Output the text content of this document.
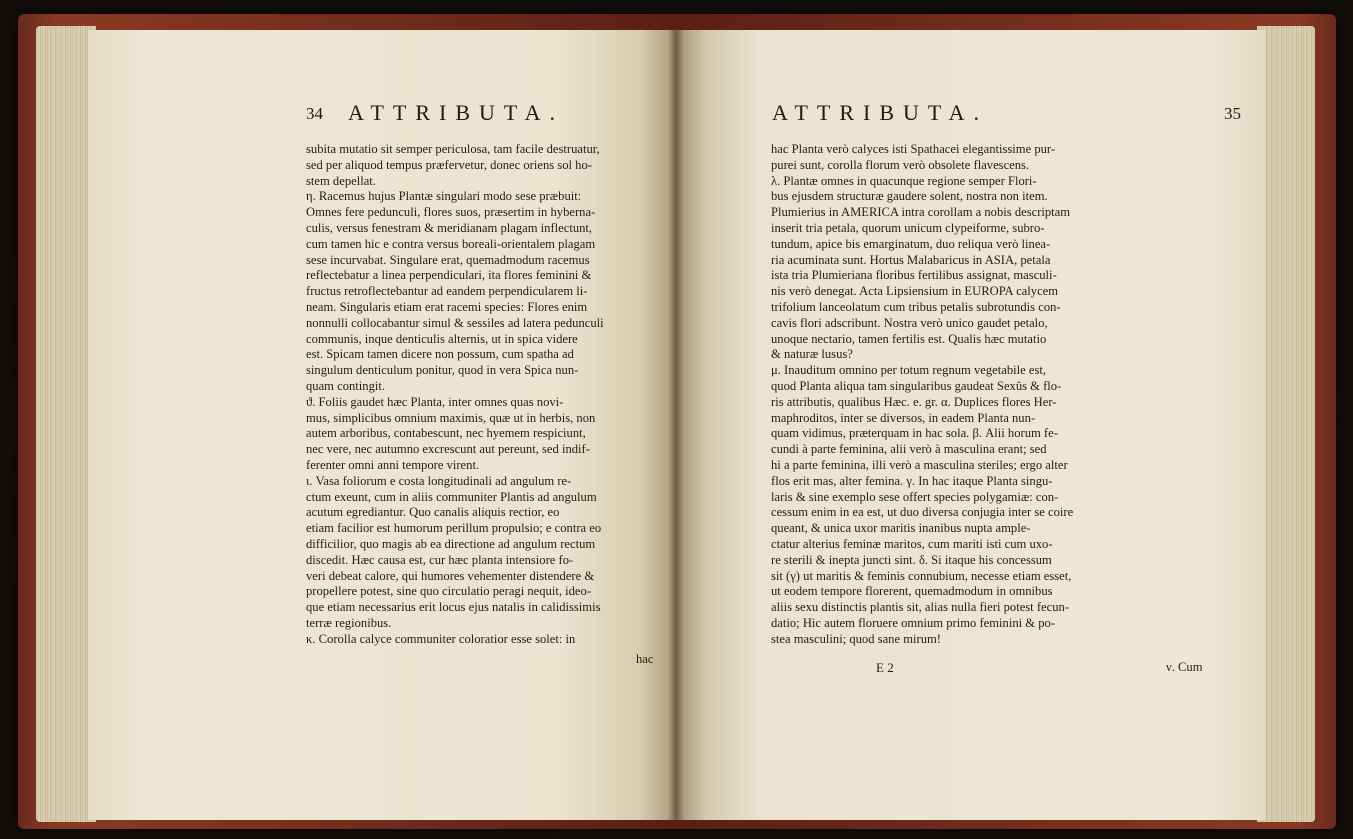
34 ATTRIBUTA.
subita mutatio sit semper periculosa, tam facile destruatur,
sed per aliquod tempus præfervetur, donec oriens sol ho-
stem depellat.
η. Racemus hujus Plantæ singulari modo sese præbuit:
Omnes fere pedunculi, flores suos, præsertim in hyberna-
culis, versus fenestram & meridianam plagam inflectunt,
cum tamen hic e contra versus boreali-orientalem plagam
sese incurvabat. Singulare erat, quemadmodum racemus
reflectebatur a linea perpendiculari, ita flores feminini &
fructus retroflectebantur ad eandem perpendicularem li-
neam. Singularis etiam erat racemi species: Flores enim
nonnulli collocabantur simul & sessiles ad latera pedunculi
communis, inque denticulis alternis, ut in spica videre
est. Spicam tamen dicere non possum, cum spatha ad
singulum denticulum ponitur, quod in vera Spica nun-
quam contingit.
ϑ. Foliis gaudet hæc Planta, inter omnes quas novi-
mus, simplicibus omnium maximis, quæ ut in herbis, non
autem arboribus, contabescunt, nec hyemem respiciunt,
nec vere, nec autumno excrescunt aut pereunt, sed indif-
ferenter omni anni tempore virent.
ι. Vasa foliorum e costa longitudinali ad angulum re-
ctum exeunt, cum in aliis communiter Plantis ad angulum
acutum egrediantur. Quo canalis aliquis rectior, eo
etiam facilior est humorum perillum propulsio; e contra eo
difficilior, quo magis ab ea directione ad angulum rectum
discedit. Hæc causa est, cur hæc planta intensiore fo-
veri debeat calore, qui humores vehementer distendere &
propellere potest, sine quo circulatio peragi nequit, ideo-
que etiam necessarius erit locus ejus natalis in calidissimis
terræ regionibus.
κ. Corolla calyce communiter coloratior esse solet: in
hac
ATTRIBUTA.	35
hac Planta verò calyces isti Spathacei elegantissime pur-
purei sunt, corolla florum verò obsolete flavescens.
λ. Plantæ omnes in quacunque regione semper Flori-
bus ejusdem structuræ gaudere solent, nostra non item.
Plumierius in AMERICA intra corollam a nobis descriptam
inserit tria petala, quorum unicum clypeiforme, subro-
tundum, apice bis emarginatum, duo reliqua verò linea-
ria acuminata sunt. Hortus Malabaricus in ASIA, petala
ista tria Plumieriana floribus fertilibus assignat, masculi-
nis verò denegat. Acta Lipsiensium in EUROPA calycem
trifolium lanceolatum cum tribus petalis subrotundis con-
cavis flori adscribunt. Nostra verò unico gaudet petalo,
unoque nectario, tamen fertilis est. Qualis hæc mutatio
& naturæ lusus?
μ. Inauditum omnino per totum regnum vegetabile est,
quod Planta aliqua tam singularibus gaudeat Sexûs & flo-
ris attributis, qualibus Hæc. e. gr. α. Duplices flores Her-
maphroditos, inter se diversos, in eadem Planta nun-
quam vidimus, præterquam in hac sola. β. Alii horum fe-
cundi à parte feminina, alii verò à masculina erant; sed
hi a parte feminina, illi verò a masculina steriles; ergo alter
flos erit mas, alter femina. γ. In hac itaque Planta singu-
laris & sine exemplo sese offert species polygamiæ: con-
cessum enim in ea est, ut duo diversa conjugia inter se coire
queant, & unica uxor maritis inanibus nupta ample-
ctatur alterius feminæ maritos, cum mariti isti cum uxo-
re sterili & inepta juncti sint. δ. Si itaque his concessum
sit (γ) ut maritis & feminis connubium, necesse etiam esset,
ut eodem tempore florerent, quemadmodum in omnibus
aliis sexu distinctis plantis sit, alias nulla fieri potest fecun-
datio; Hic autem floruere omnium primo feminini & po-
stea masculini; quod sane mirum!
E 2	ν. Cum
